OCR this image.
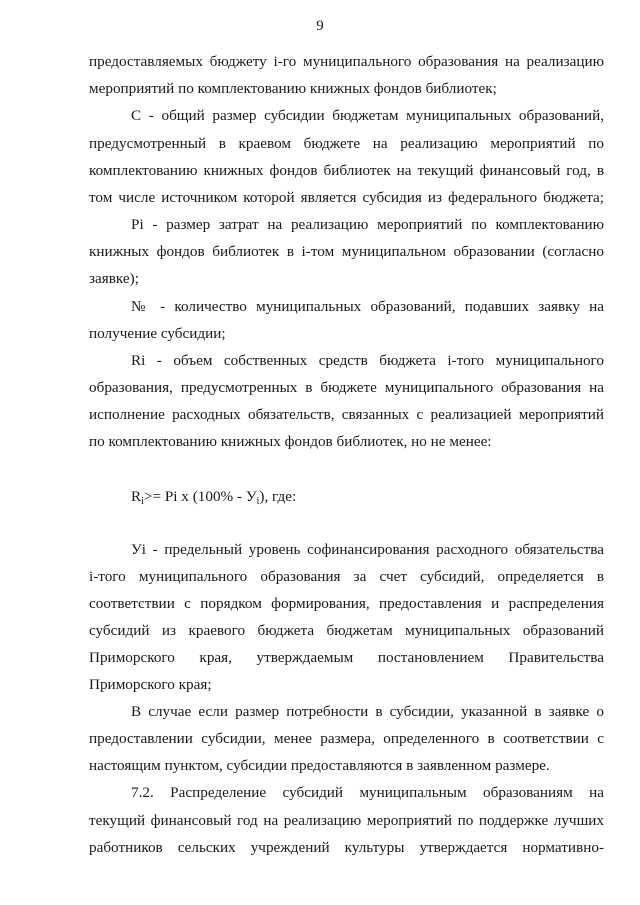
9
предоставляемых бюджету i-го муниципального образования на реализацию
мероприятий по комплектованию книжных фондов библиотек;
С - общий размер субсидии бюджетам муниципальных образований,
предусмотренный в краевом бюджете на реализацию мероприятий по
комплектованию книжных фондов библиотек на текущий финансовый год, в
том числе источником которой является субсидия из федерального бюджета;
Pi - размер затрат на реализацию мероприятий по комплектованию
книжных фондов библиотек в i-том муниципальном образовании (согласно
заявке);
№ - количество муниципальных образований, подавших заявку на
получение субсидии;
Ri - объем собственных средств бюджета i-того муниципального
образования, предусмотренных в бюджете муниципального образования на
исполнение расходных обязательств, связанных с реализацией мероприятий
по комплектованию книжных фондов библиотек, но не менее:
$R_i>= Pi$ x $(100\% - У_i)$, где:
Уi - предельный уровень софинансирования расходного обязательства
i-того муниципального образования за счет субсидий, определяется в
соответствии с порядком формирования, предоставления и распределения
субсидий из краевого бюджета бюджетам муниципальных образований
Приморского края, утверждаемым постановлением Правительства
Приморского края;
В случае если размер потребности в субсидии, указанной в заявке о
предоставлении субсидии, менее размера, определенного в соответствии с
настоящим пунктом, субсидии предоставляются в заявленном размере.
7.2. Распределение субсидий муниципальным образованиям на
текущий финансовый год на реализацию мероприятий по поддержке лучших
работников сельских учреждений культуры утверждается нормативно-
